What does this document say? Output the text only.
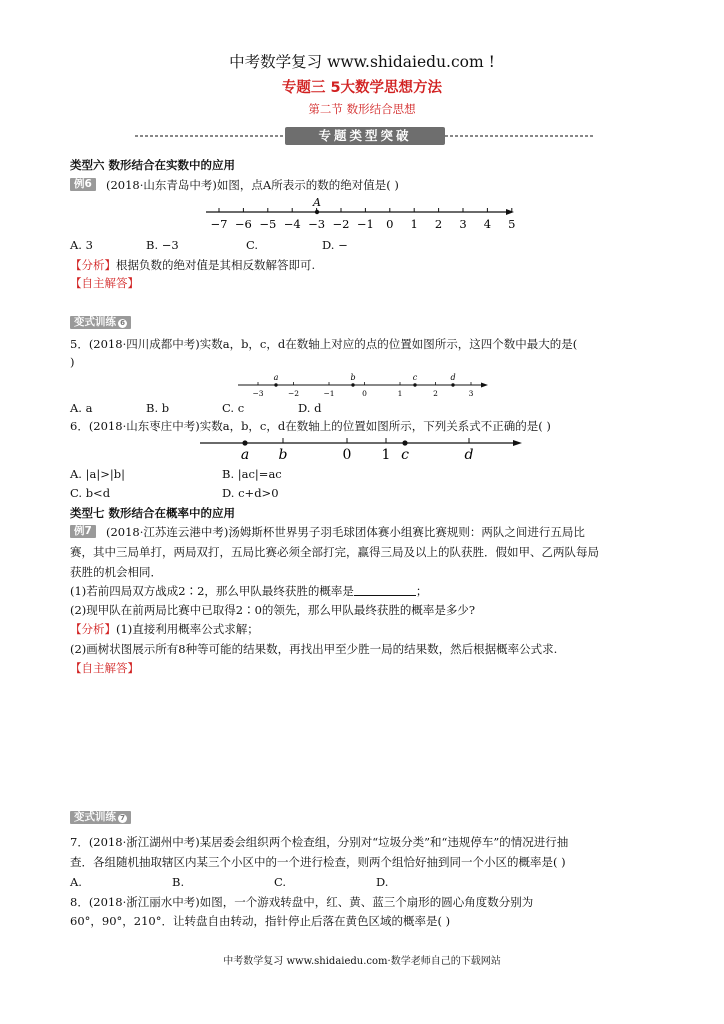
中考数学复习 www.shidaiedu.com !
专题三 5大数学思想方法
第二节 数形结合思想
专题类型突破
类型六 数形结合在实数中的应用
例6	(2018·山东青岛中考)如图，点A所表示的数的绝对值是( )
−7 −6 −5 −4 −3 −2 −1 0 1 2 3 4 5
A
A. 3	B. −3	C.	D. −
【分析】根据负数的绝对值是其相反数解答即可.
【自主解答】
变式训练 6
5．(2018·四川成都中考)实数a，b，c，d在数轴上对应的点的位置如图所示，这四个数中最大的是(
)
−3	−2	−1	0	1	2	3
a	b	c	d
A. a	B. b	C. c	D. d
6．(2018·山东枣庄中考)实数a，b，c，d在数轴上的位置如图所示，下列关系式不正确的是( )
a b	0 1 c	d
A. |a|>|b|	B. |ac|=ac
C. b<d	D. c+d>0
类型七 数形结合在概率中的应用
例7	(2018·江苏连云港中考)汤姆斯杯世界男子羽毛球团体赛小组赛比赛规则：两队之间进行五局比
赛，其中三局单打，两局双打，五局比赛必须全部打完，赢得三局及以上的队获胜．假如甲、乙两队每局
获胜的机会相同．
(1)若前四局双方战成2∶2，那么甲队最终获胜的概率是	；
(2)现甲队在前两局比赛中已取得2∶0的领先，那么甲队最终获胜的概率是多少?
【分析】(1)直接利用概率公式求解；
(2)画树状图展示所有8种等可能的结果数，再找出甲至少胜一局的结果数，然后根据概率公式求.
【自主解答】
变式训练 7
7．(2018·浙江湖州中考)某居委会组织两个检查组，分别对“垃圾分类”和“违规停车”的情况进行抽
查．各组随机抽取辖区内某三个小区中的一个进行检查，则两个组恰好抽到同一个小区的概率是( )
A.	B.	C.	D.
8．(2018·浙江丽水中考)如图，一个游戏转盘中，红、黄、蓝三个扇形的圆心角度数分别为
60°，90°，210°．让转盘自由转动，指针停止后落在黄色区域的概率是( )
中考数学复习 www.shidaiedu.com·数学老师自己的下载网站
